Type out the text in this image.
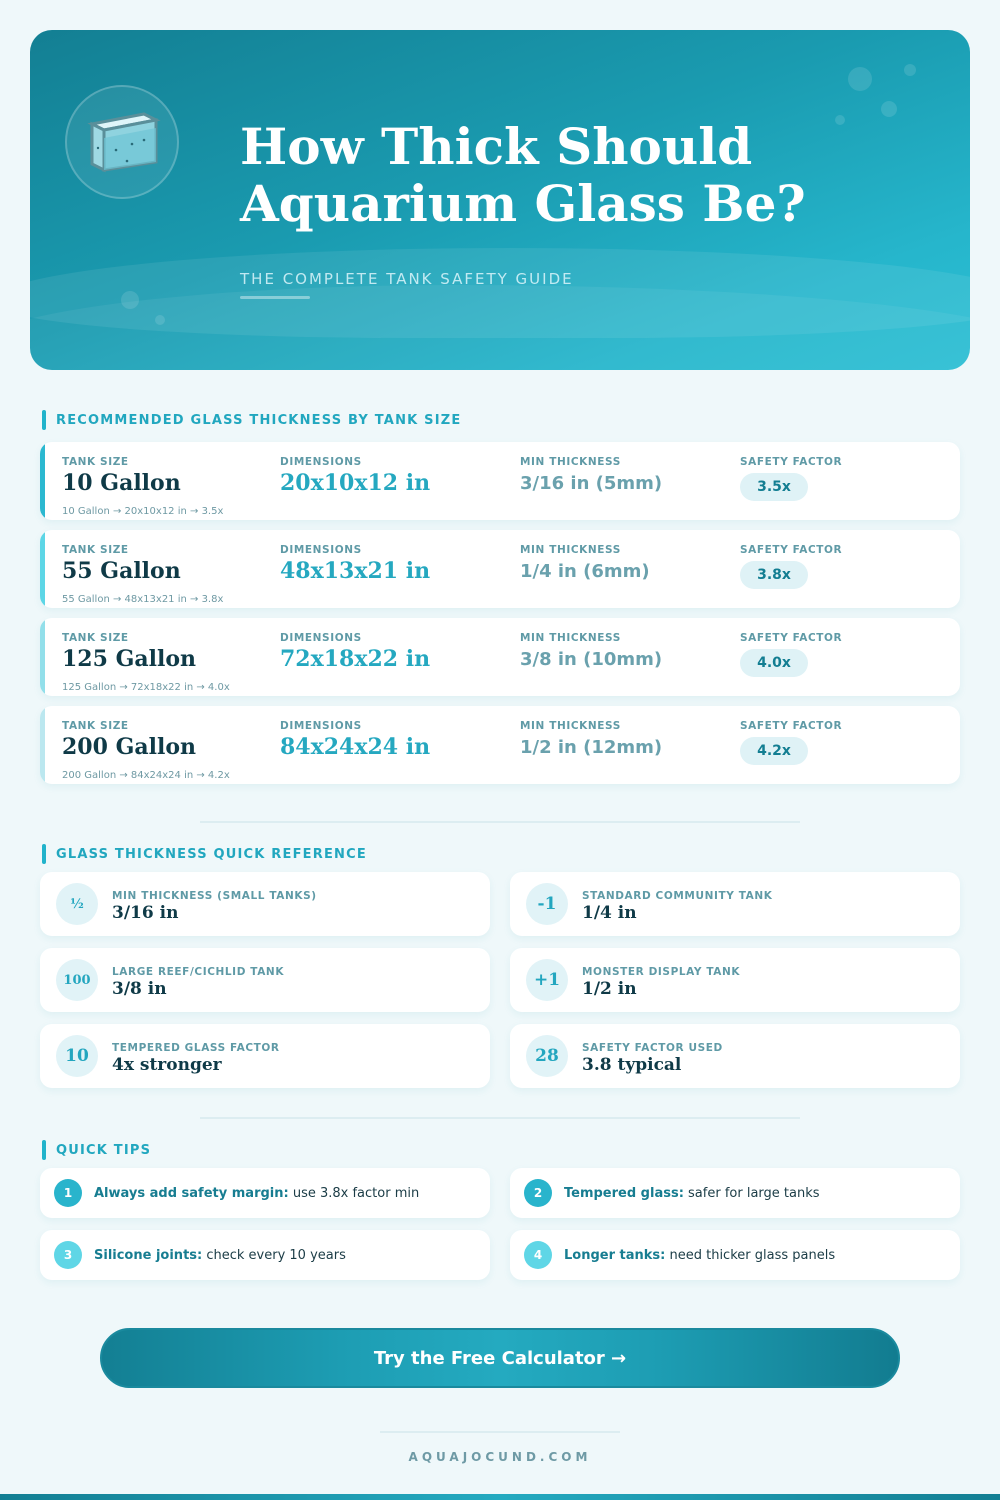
How Thick Should
Aquarium Glass Be?
THE COMPLETE TANK SAFETY GUIDE
RECOMMENDED GLASS THICKNESS BY TANK SIZE
TANK SIZE
10 Gallon
DIMENSIONS
20x10x12 in
MIN THICKNESS
3/16 in (5mm)
SAFETY FACTOR
3.5x
10 Gallon → 20x10x12 in → 3.5x
TANK SIZE
55 Gallon
DIMENSIONS
48x13x21 in
MIN THICKNESS
1/4 in (6mm)
SAFETY FACTOR
3.8x
55 Gallon → 48x13x21 in → 3.8x
TANK SIZE
125 Gallon
DIMENSIONS
72x18x22 in
MIN THICKNESS
3/8 in (10mm)
SAFETY FACTOR
4.0x
125 Gallon → 72x18x22 in → 4.0x
TANK SIZE
200 Gallon
DIMENSIONS
84x24x24 in
MIN THICKNESS
1/2 in (12mm)
SAFETY FACTOR
4.2x
200 Gallon → 84x24x24 in → 4.2x
GLASS THICKNESS QUICK REFERENCE
½
MIN THICKNESS (SMALL TANKS)
3/16 in	-1	STANDARD COMMUNITY TANK
1/4 in
100
LARGE REEF/CICHLID TANK
3/8 in	+1	MONSTER DISPLAY TANK
1/2 in
10	TEMPERED GLASS FACTOR
4x stronger	28	SAFETY FACTOR USED
3.8 typical
QUICK TIPS
1	Always add safety margin: use 3.8x factor min	2	Tempered glass: safer for large tanks
3	Silicone joints: check every 10 years	4	Longer tanks: need thicker glass panels
Try the Free Calculator →
AQUAJOCUND.COM
